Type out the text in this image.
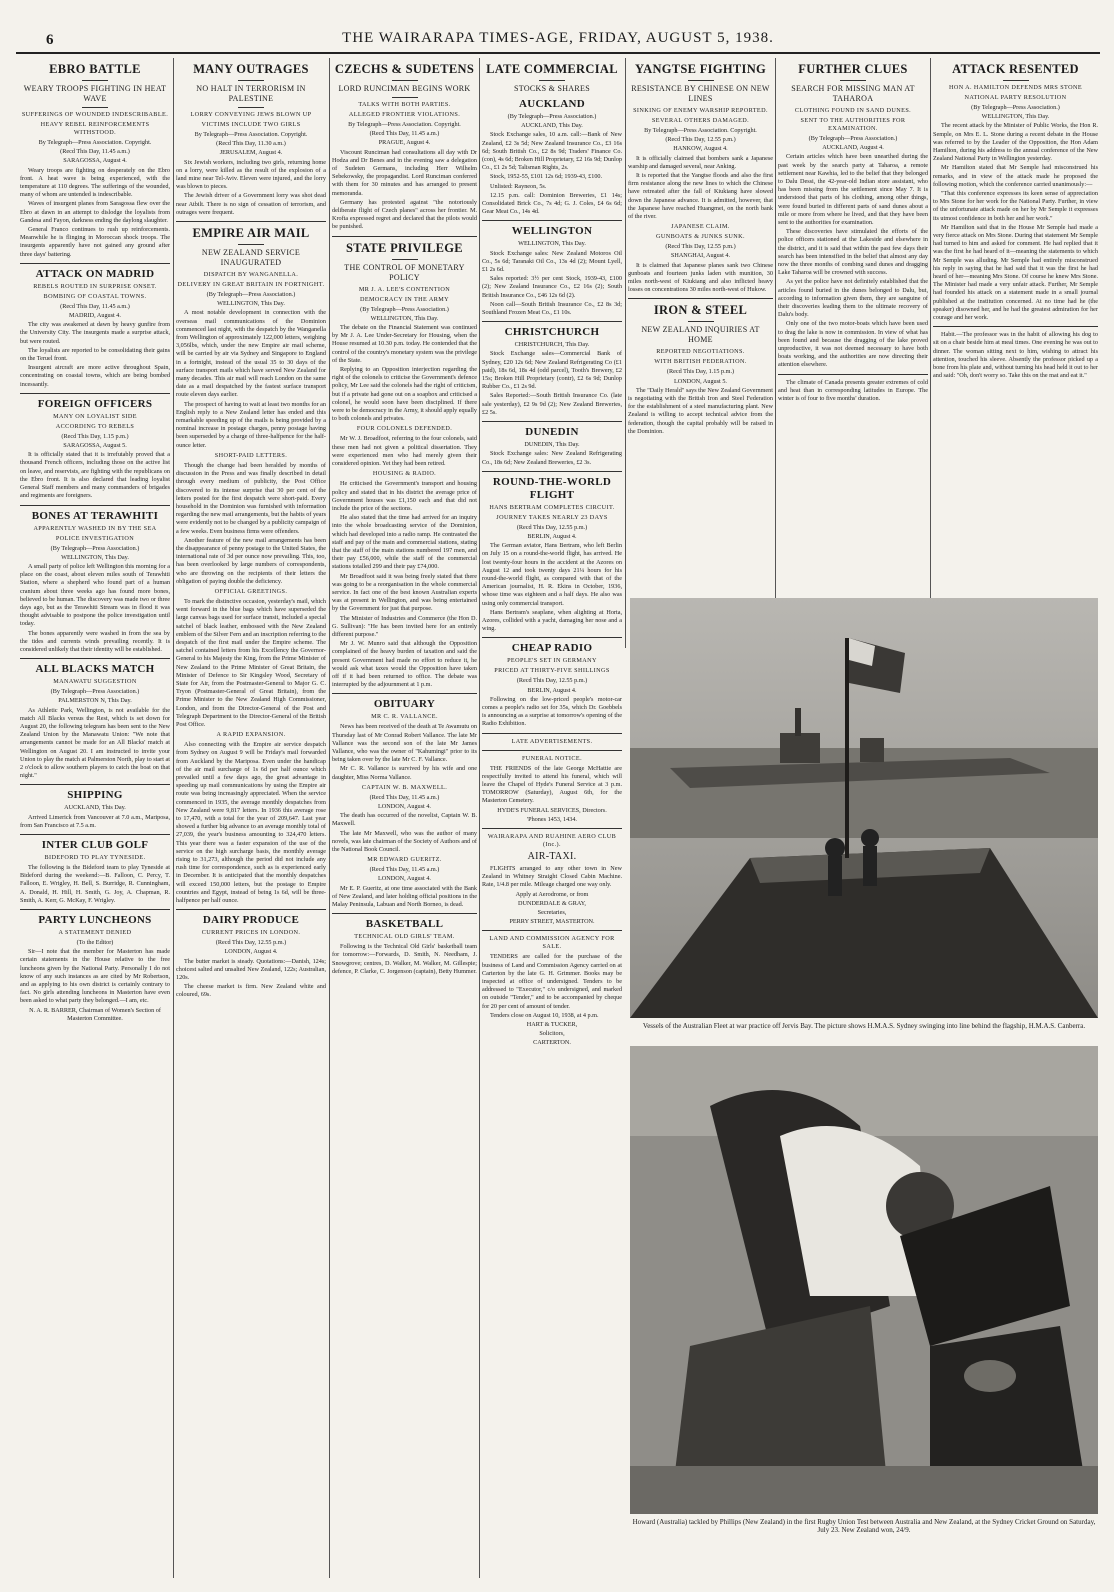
6	THE WAIRARAPA TIMES-AGE, FRIDAY, AUGUST 5, 1938.
EBRO BATTLE
WEARY TROOPS FIGHTING IN HEAT WAVE
SUFFERINGS OF WOUNDED INDESCRIBABLE.
HEAVY REBEL REINFORCEMENTS WITHSTOOD.
By Telegraph—Press Association. Copyright.
(Recd This Day, 11.45 a.m.)
SARAGOSSA, August 4.

Weary troops are fighting on desperately on the Ebro front. A heat wave is being experienced, with the temperature at 110 degrees. The sufferings of the wounded, many of whom are untended is indescribable.

Waves of insurgent planes from Saragossa flew over the Ebro at dawn in an attempt to dislodge the loyalists from Gandesa and Fayon, darkness ending the daylong slaughter.

General Franco continues to rush up reinforcements. Meanwhile he is flinging in Moroccan shock troops. The insurgents apparently have not gained any ground after three days' battering.

ATTACK ON MADRID
REBELS ROUTED IN SURPRISE ONSET.
BOMBING OF COASTAL TOWNS.
(Recd This Day, 11.45 a.m.)
MADRID, August 4.

The city was awakened at dawn by heavy gunfire from the University City. The insurgents made a surprise attack, but were routed.

The loyalists are reported to be consolidating their gains on the Teruel front.

Insurgent aircraft are more active throughout Spain, concentrating on coastal towns, which are being bombed incessantly.

FOREIGN OFFICERS
MANY ON LOYALIST SIDE
ACCORDING TO REBELS
(Recd This Day, 1.15 p.m.)
SARAGOSSA, August 5.

It is officially stated that it is irrefutably proved that a thousand French officers, including those on the active list on leave, and reservists, are fighting with the republicans on the Ebro front. It is also declared that leading loyalist General Staff members and many commanders of brigades and regiments are foreigners.

BONES AT TERAWHITI
APPARENTLY WASHED IN BY THE SEA
POLICE INVESTIGATION
(By Telegraph—Press Association.)
WELLINGTON, This Day.

A small party of police left Wellington this morning for a place on the coast, about eleven miles south of Terawhiti Station, where a shepherd who found part of a human cranium about three weeks ago has found more bones, believed to be human. The discovery was made two or three days ago, but as the Terawhiti Stream was in flood it was thought advisable to postpone the police investigation until today.

The bones apparently were washed in from the sea by the tides and currents winds prevailing recently. It is considered unlikely that their identity will be established.

ALL BLACKS MATCH
MANAWATU SUGGESTION
(By Telegraph—Press Association.)
PALMERSTON N, This Day.

As Athletic Park, Wellington, is not available for the match All Blacks versus the Rest, which is set down for August 20, the following telegram has been sent to the New Zealand Union by the Manawatu Union: "We note that arrangements cannot be made for an All Blacks' match at Wellington on August 20. I am instructed to invite your Union to play the match at Palmerston North, play to start at 2 o'clock to allow southern players to catch the boat on that night."

SHIPPING
AUCKLAND, This Day.

Arrived Limerick from Vancouver at 7.0 a.m., Mariposa, from San Francisco at 7.5 a.m.

INTER CLUB GOLF
BIDEFORD TO PLAY TYNESIDE.

The following is the Bideford team to play Tyneside at Bideford during the weekend:—B. Falloon, C. Percy, T. Falloon, E. Wrigley, H. Bell, S. Burridge, R. Cunningham, A. Donald, H. Hill, H. Smith, G. Joy, A. Chapman, R. Smith, A. Kerr, G. McKay, F. Wrigley.

PARTY LUNCHEONS
A STATEMENT DENIED
(To the Editor)

Sir—I note that the member for Masterton has made certain statements in the House relative to the free luncheons given by the National Party. Personally I do not know of any such instances as are cited by Mr Robertson, and as applying to his own district is certainly contrary to fact. No girls attending luncheons in Masterton have even been asked to what party they belonged.—I am, etc.

N. A. R. BARRER, Chairman of Women's Section of Masterton Committee.
MANY OUTRAGES
NO HALT IN TERRORISM IN PALESTINE
LORRY CONVEYING JEWS BLOWN UP
VICTIMS INCLUDE TWO GIRLS
By Telegraph—Press Association. Copyright.
(Recd This Day, 11.30 a.m.)
JERUSALEM, August 4.

Six Jewish workers, including two girls, returning home on a lorry, were killed as the result of the explosion of a land mine near Tel-Aviv. Eleven were injured, and the lorry was blown to pieces.

The Jewish driver of a Government lorry was shot dead near Atbilt. There is no sign of cessation of terrorism, and outrages were frequent.

EMPIRE AIR MAIL
NEW ZEALAND SERVICE INAUGURATED
DISPATCH BY WANGANELLA.
DELIVERY IN GREAT BRITAIN IN FORTNIGHT.
(By Telegraph—Press Association.)
WELLINGTON, This Day.

A most notable development in connection with the overseas mail communications of the Dominion commenced last night, with the despatch by the Wanganella from Wellington of approximately 122,000 letters, weighing 3,056lbs, which, under the new Empire air mail scheme, will be carried by air via Sydney and Singapore to England in a fortnight, instead of the usual 35 to 30 days of the surface transport mails which have served New Zealand for many decades. This air mail will reach London on the same date as a mail despatched by the fastest surface transport route eleven days earlier.

The prospect of having to wait at least two months for an English reply to a New Zealand letter has ended and this remarkable speeding up of the mails is being provided by a nominal increase in postage charges, penny postage having been superseded by a charge of three-halfpence for the half-ounce letter.

SHORT-PAID LETTERS.

Though the change had been heralded by months of discussion in the Press and was finally described in detail through every medium of publicity, the Post Office discovered to its intense surprise that 30 per cent of the letters posted for the first despatch were short-paid. Every household in the Dominion was furnished with information regarding the new mail arrangements, but the habits of years were evidently not to be changed by a publicity campaign of a few weeks. Even business firms were offenders.

Another feature of the new mail arrangements has been the disappearance of penny postage to the United States, the international rate of 3d per ounce now prevailing. This, too, has been overlooked by large numbers of correspondents, who are throwing on the recipients of their letters the obligation of paying double the deficiency.

OFFICIAL GREETINGS.

To mark the distinctive occasion, yesterday's mail, which went forward in the blue bags which have superseded the large canvas bags used for surface transit, included a special satchel of black leather, embossed with the New Zealand emblem of the Silver Fern and an inscription referring to the despatch of the first mail under the Empire scheme. The satchel contained letters from his Excellency the Governor-General to his Majesty the King, from the Prime Minister of New Zealand to the Prime Minister of Great Britain, the Minister of Defence to Sir Kingsley Wood, Secretary of State for Air, from the Postmaster-General to Major G. C. Tryon (Postmaster-General of Great Britain), from the Prime Minister to the New Zealand High Commissioner, London, and from the Director-General of the Post and Telegraph Department to the Director-General of the British Post Office.

A RAPID EXPANSION.

Also connecting with the Empire air service despatch from Sydney on August 9 will be Friday's mail forwarded from Auckland by the Mariposa. Even under the handicap of the air mail surcharge of 1s 6d per half ounce which prevailed until a few days ago, the great advantage in speeding up mail communications by using the Empire air route was being increasingly appreciated. When the service commenced in 1935, the average monthly despatches from New Zealand were 9,817 letters. In 1936 this average rose to 17,470, with a total for the year of 209,647. Last year showed a further big advance to an average monthly total of 27,039, the year's business amounting to 324,470 letters. This year there was a faster expansion of the use of the service on the high surcharge basis, the monthly average rising to 31,273, although the period did not include any rush time for correspondence, such as is experienced early in December. It is anticipated that the monthly despatches will exceed 150,000 letters, but the postage to Empire countries and Egypt, instead of being 1s 6d, will be three-halfpence per half ounce.

DAIRY PRODUCE
CURRENT PRICES IN LONDON.
(Recd This Day, 12.55 p.m.)
LONDON, August 4.

The butter market is steady. Quotations:—Danish, 124s; choicest salted and unsalted New Zealand, 122s; Australian, 120s.

The cheese market is firm. New Zealand white and coloured, 69s.

CZECHS & SUDETENS
LORD RUNCIMAN BEGINS WORK
TALKS WITH BOTH PARTIES.
ALLEGED FRONTIER VIOLATIONS.
By Telegraph—Press Association. Copyright.
(Recd This Day, 11.45 a.m.)
PRAGUE, August 4.

Viscount Runciman had consultations all day with Dr Hodza and Dr Benes and in the evening saw a delegation of Sudeten Germans, including Herr Wilhelm Sebekowsky, the propagandist. Lord Runciman conferred with them for 30 minutes and has arranged to present memoranda.

Germany has protested against "the notoriously deliberate flight of Czech planes" across her frontier. M. Krofta expressed regret and declared that the pilots would be punished.

STATE PRIVILEGE
THE CONTROL OF MONETARY POLICY
MR J. A. LEE'S CONTENTION
DEMOCRACY IN THE ARMY
(By Telegraph—Press Association.)
WELLINGTON, This Day.

The debate on the Financial Statement was continued by Mr J. A. Lee Under-Secretary for Housing, when the House resumed at 10.30 p.m. today. He contended that the control of the country's monetary system was the privilege of the State.

Replying to an Opposition interjection regarding the right of the colonels to criticise the Government's defence policy, Mr Lee said the colonels had the right of criticism, but if a private had gone out on a soapbox and criticised a colonel, he would soon have been disciplined. If there were to be democracy in the Army, it should apply equally to both colonels and privates.

FOUR COLONELS DEFENDED.

Mr W. J. Broadfoot, referring to the four colonels, said these men had not given a political dissertation. They were experienced men who had merely given their considered opinion. Yet they had been retired.

HOUSING & RADIO.

He criticised the Government's transport and housing policy and stated that in his district the average price of Government houses was £1,150 each and that did not include the price of the sections.

He also stated that the time had arrived for an inquiry into the whole broadcasting service of the Dominion, which had developed into a radio ramp. He contrasted the staff and pay of the main and commercial stations, stating that the staff of the main stations numbered 197 men, and their pay £56,000, while the staff of the commercial stations totalled 299 and their pay £74,000.

Mr Broadfoot said it was being freely stated that there was going to be a reorganisation in the whole commercial service. In fact one of the best known Australian experts was at present in Wellington, and was being entertained by the Government for just that purpose.

The Minister of Industries and Commerce (the Hon D. G. Sullivan): "He has been invited here for an entirely different purpose."

Mr J. W. Munro said that although the Opposition complained of the heavy burden of taxation and said the present Government had made no effort to reduce it, he would ask what taxes would the Opposition have taken off if it had been returned to office. The debate was interrupted by the adjournment at 1 p.m.

OBITUARY
MR C. R. VALLANCE.

News has been received of the death at Te Awamutu on Thursday last of Mr Conrad Robert Vallance. The late Mr Vallance was the second son of the late Mr James Vallance, who was the owner of "Kahumingi" prior to its being taken over by the late Mr C. F. Vallance.

Mr C. R. Vallance is survived by his wife and one daughter, Miss Norma Vallance.

CAPTAIN W. B. MAXWELL.
(Recd This Day, 11.45 a.m.)
LONDON, August 4.

The death has occurred of the novelist, Captain W. B. Maxwell.

The late Mr Maxwell, who was the author of many novels, was late chairman of the Society of Authors and of the National Book Council.

MR EDWARD GUERITZ.
(Recd This Day, 11.45 a.m.)
LONDON, August 4.

Mr E. P. Gueritz, at one time associated with the Bank of New Zealand, and later holding official positions in the Malay Peninsula, Labuan and North Borneo, is dead.

BASKETBALL
TECHNICAL OLD GIRLS' TEAM.

Following is the Technical Old Girls' basketball team for tomorrow:—Forwards, D. Smith, N. Needham, J. Snowgrove; centres, D. Walker, M. Walker, M. Gillespie; defence, P. Clarke, C. Jorgenson (captain), Betty Hummer.

LATE COMMERCIAL
STOCKS & SHARES
AUCKLAND
(By Telegraph—Press Association.)
AUCKLAND, This Day.

Stock Exchange sales, 10 a.m. call:—Bank of New Zealand, £2 3s 5d; New Zealand Insurance Co., £3 16s 6d; South British Co., £2 8s 9d; Traders' Finance Co. (con), 4s 6d; Broken Hill Proprietary, £2 16s 9d; Dunlop Co., £1 2s 5d; Talisman Rights, 2s.

Stock, 1952-55, £101 12s 6d; 1939-43, £100.

Unlisted: Rayneon, 5s.

12.15 p.m. call: Dominion Breweries, £1 14s; Consolidated Brick Co., 7s 4d; G. J. Coles, £4 6s 6d; Gear Meat Co., 14s 4d.

WELLINGTON
WELLINGTON, This Day.

Stock Exchange sales: New Zealand Motoros Oil Co., 5s 6d; Taranaki Oil Co., 13s 4d (2); Mount Lyell, £1 2s 6d.

Sales reported: 3½ per cent Stock, 1939-43, £100 (2); New Zealand Insurance Co., £2 16s (2); South British Insurance Co., £46 12s 6d (2).

Noon call—South British Insurance Co., £2 8s 3d; Southland Frozen Meat Co., £1 10s.

CHRISTCHURCH
CHRISTCHURCH, This Day.

Stock Exchange sales—Commercial Bank of Sydney, £20 12s 6d; New Zealand Refrigerating Co (£1 paid), 18s 6d, 18s 4d (odd parcel), Tooth's Brewery, £2 15s; Broken Hill Proprietary (contr), £2 6s 9d; Dunlop Rubber Co., £1 2s 9d.

Sales Reported:—South British Insurance Co. (late sale yesterday), £2 9s 9d (2); New Zealand Breweries, £2 5s.

DUNEDIN
DUNEDIN, This Day.

Stock Exchange sales: New Zealand Refrigerating Co., 18s 6d; New Zealand Breweries, £2 3s.

ROUND-THE-WORLD FLIGHT
HANS BERTRAM COMPLETES CIRCUIT.
JOURNEY TAKES NEARLY 23 DAYS
(Recd This Day, 12.55 p.m.)
BERLIN, August 4.

The German aviator, Hans Bertram, who left Berlin on July 15 on a round-the-world flight, has arrived. He lost twenty-four hours in the accident at the Azores on August 12 and took twenty days 21¼ hours for his round-the-world flight, as compared with that of the American journalist, H. R. Ekins in October, 1936, whose time was eighteen and a half days. He also was using only commercial transport.

Hans Bertram's seaplane, when alighting at Horta, Azores, collided with a yacht, damaging her nose and a wing.

CHEAP RADIO
PEOPLE'S SET IN GERMANY
PRICED AT THIRTY-FIVE SHILLINGS
(Recd This Day, 12.55 p.m.)
BERLIN, August 4.

Following on the low-priced people's motor-car comes a people's radio set for 35s, which Dr. Goebbels is announcing as a surprise at tomorrow's opening of the Radio Exhibition.

LATE ADVERTISEMENTS.
FUNERAL NOTICE.

THE FRIENDS of the late George McHattie are respectfully invited to attend his funeral, which will leave the Chapel of Hyde's Funeral Service at 3 p.m. TOMORROW (Saturday), August 6th, for the Masterton Cemetery.

HYDE'S FUNERAL SERVICES, Directors.
'Phones 1453, 1434.
WAIRARAPA AND RUAHINE AERO CLUB (Inc.).
AIR-TAXI.

FLIGHTS arranged to any other town in New Zealand in Whitney Straight Closed Cabin Machine. Rate, 1/4.8 per mile. Mileage charged one way only.

Apply at Aerodrome, or from
DUNDERDALE & GRAY,
Secretaries,
PERRY STREET, MASTERTON.
LAND AND COMMISSION AGENCY FOR SALE.

TENDERS are called for the purchase of the business of Land and Commission Agency carried on at Carterton by the late G. H. Grimmer. Books may be inspected at office of undersigned. Tenders to be addressed to "Executor," c/o undersigned, and marked on outside "Tender," and to be accompanied by cheque for 20 per cent of amount of tender.

Tenders close on August 10, 1938, at 4 p.m.

HART & TUCKER,
Solicitors,
CARTERTON.
YANGTSE FIGHTING
RESISTANCE BY CHINESE ON NEW LINES
SINKING OF ENEMY WARSHIP REPORTED.
SEVERAL OTHERS DAMAGED.
By Telegraph—Press Association. Copyright.
(Recd This Day, 12.55 p.m.)
HANKOW, August 4.

It is officially claimed that bombers sank a Japanese warship and damaged several, near Anking.

It is reported that the Yangtse floods and also the first firm resistance along the new lines to which the Chinese have retreated after the fall of Kiukiang have slowed down the Japanese advance. It is admitted, however, that the Japanese have reached Huangmei, on the north bank of the river.

JAPANESE CLAIM.
GUNBOATS & JUNKS SUNK.
(Recd This Day, 12.55 p.m.)
SHANGHAI, August 4.

It is claimed that Japanese planes sank two Chinese gunboats and fourteen junks laden with munition, 30 miles north-west of Kiukiang and also inflicted heavy losses on concentrations 30 miles north-west of Hukow.

IRON & STEEL
NEW ZEALAND INQUIRIES AT HOME
REPORTED NEGOTIATIONS.
WITH BRITISH FEDERATION.
(Recd This Day, 1.15 p.m.)
LONDON, August 5.

The "Daily Herald" says the New Zealand Government is negotiating with the British Iron and Steel Federation for the establishment of a steel manufacturing plant. New Zealand is willing to accept technical advice from the federation, though the capital probably will be raised in the Dominion.

FURTHER CLUES
SEARCH FOR MISSING MAN AT TAHAROA
CLOTHING FOUND IN SAND DUNES.
SENT TO THE AUTHORITIES FOR EXAMINATION.
(By Telegraph—Press Association.)
AUCKLAND, August 4.

Certain articles which have been unearthed during the past week by the search party at Taharoa, a remote settlement near Kawhia, led to the belief that they belonged to Dalu Dessi, the 42-year-old Indian store assistant, who has been missing from the settlement since May 7. It is understood that parts of his clothing, among other things, were found buried in different parts of sand dunes about a mile or more from where he lived, and that they have been sent to the authorities for examination.

These discoveries have stimulated the efforts of the police officers stationed at the Lakeside and elsewhere in the district, and it is said that within the past few days their search has been intensified in the belief that almost any day now the three months of combing sand dunes and dragging Lake Taharoa will be crowned with success.

As yet the police have not definitely established that the articles found buried in the dunes belonged to Dalu, but, according to information given them, they are sanguine of their discoveries leading them to the ultimate recovery of Dalu's body.

Only one of the two motor-boats which have been used to drag the lake is now in commission. In view of what has been found and because the dragging of the lake proved unproductive, it was not deemed necessary to have both boats working, and the authorities are now directing their attention elsewhere.

The climate of Canada presents greater extremes of cold and heat than in corresponding latitudes in Europe. The winter is of four to five months' duration.

ATTACK RESENTED
HON A. HAMILTON DEFENDS MRS STONE
NATIONAL PARTY RESOLUTION
(By Telegraph—Press Association.)
WELLINGTON, This Day.

The recent attack by the Minister of Public Works, the Hon R. Semple, on Mrs E. L. Stone during a recent debate in the House was referred to by the Leader of the Opposition, the Hon Adam Hamilton, during his address to the annual conference of the New Zealand National Party in Wellington yesterday.

Mr Hamilton stated that Mr Semple had misconstrued his remarks, and in view of the attack made he proposed the following motion, which the conference carried unanimously:—

"That this conference expresses its keen sense of appreciation to Mrs Stone for her work for the National Party. Further, in view of the unfortunate attack made on her by Mr Semple it expresses its utmost confidence in both her and her work."

Mr Hamilton said that in the House Mr Semple had made a very fierce attack on Mrs Stone. During that statement Mr Semple had turned to him and asked for comment. He had replied that it was the first he had heard of it—meaning the statements to which Mr Semple was alluding. Mr Semple had entirely misconstrued his reply in saying that he had said that it was the first he had heard of her—meaning Mrs Stone. Of course he knew Mrs Stone. The Minister had made a very unfair attack. Further, Mr Semple had founded his attack on a statement made in a small journal published at the institution concerned. At no time had he (the speaker) disowned her, and he had the greatest admiration for her courage and her work.

Habit.—The professor was in the habit of allowing his dog to sit on a chair beside him at meal times. One evening he was out to dinner. The woman sitting next to him, wishing to attract his attention, touched his sleeve. Absently the professor picked up a bone from his plate and, without turning his head held it out to her and said: "Oh, don't worry so. Take this on the mat and eat it."

Vessels of the Australian Fleet at war practice off Jervis Bay. The picture shows H.M.A.S. Sydney swinging into line behind the flagship, H.M.A.S. Canberra.
Howard (Australia) tackled by Phillips (New Zealand) in the first Rugby Union Test between Australia and New Zealand, at the Sydney Cricket Ground on Saturday, July 23. New Zealand won, 24/9.
